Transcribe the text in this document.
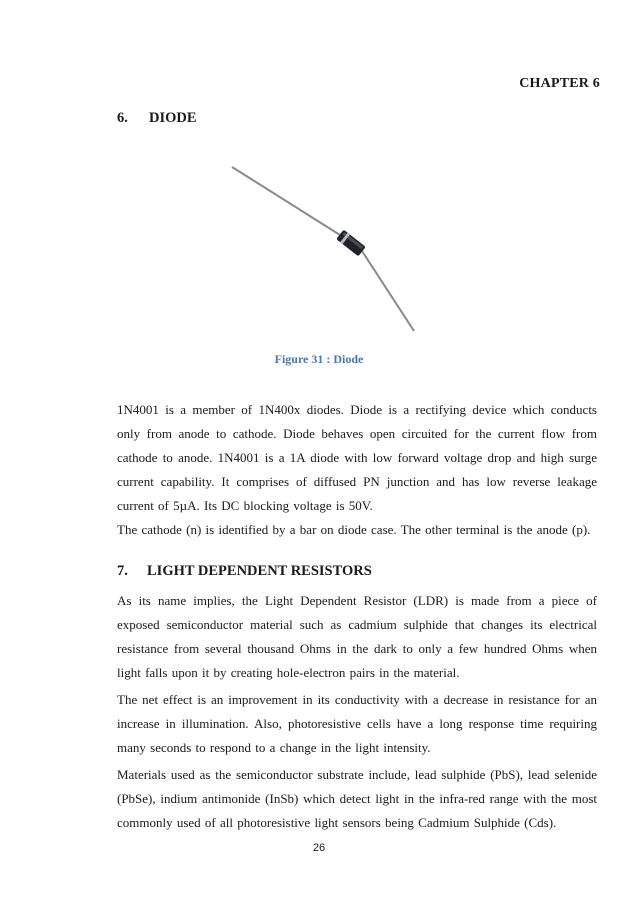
CHAPTER 6
6. DIODE
Figure 31 : Diode

1N4001 is a member of 1N400x diodes. Diode is a rectifying device which conducts only from anode to cathode. Diode behaves open circuited for the current flow from cathode to anode. 1N4001 is a 1A diode with low forward voltage drop and high surge current capability. It comprises of diffused PN junction and has low reverse leakage current of 5µA. Its DC blocking voltage is 50V.

The cathode (n) is identified by a bar on diode case. The other terminal is the anode (p).

7. LIGHT DEPENDENT RESISTORS

As its name implies, the Light Dependent Resistor (LDR) is made from a piece of exposed semiconductor material such as cadmium sulphide that changes its electrical resistance from several thousand Ohms in the dark to only a few hundred Ohms when light falls upon it by creating hole-electron pairs in the material.

The net effect is an improvement in its conductivity with a decrease in resistance for an increase in illumination. Also, photoresistive cells have a long response time requiring many seconds to respond to a change in the light intensity.

Materials used as the semiconductor substrate include, lead sulphide (PbS), lead selenide (PbSe), indium antimonide (InSb) which detect light in the infra-red range with the most commonly used of all photoresistive light sensors being Cadmium Sulphide (Cds).

26
